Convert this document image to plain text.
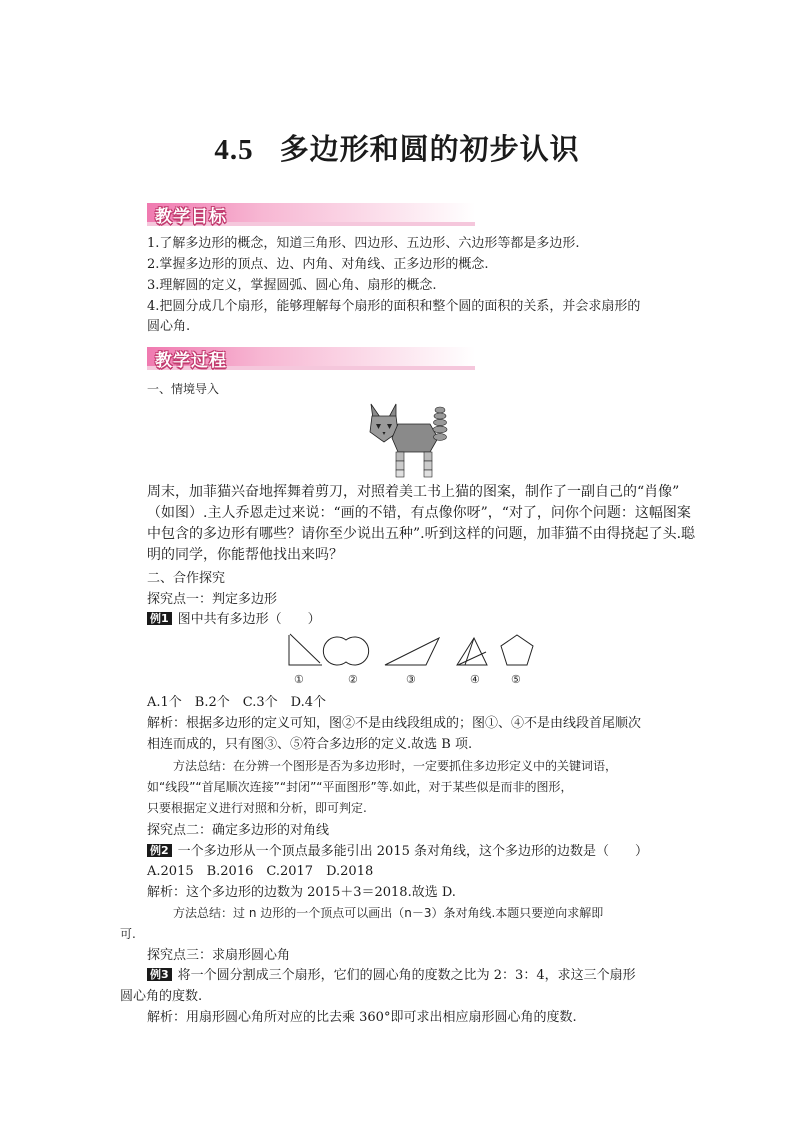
4.5 多边形和圆的初步认识
教学目标
1.了解多边形的概念，知道三角形、四边形、五边形、六边形等都是多边形.
2.掌握多边形的顶点、边、内角、对角线、正多边形的概念.
3.理解圆的定义，掌握圆弧、圆心角、扇形的概念.
4.把圆分成几个扇形，能够理解每个扇形的面积和整个圆的面积的关系，并会求扇形的
圆心角.
教学过程
一、情境导入
周末，加菲猫兴奋地挥舞着剪刀，对照着美工书上猫的图案，制作了一副自己的“肖像”
（如图）.主人乔恩走过来说：“画的不错，有点像你呀”，“对了，问你个问题：这幅图案
中包含的多边形有哪些？请你至少说出五种”.听到这样的问题，加菲猫不由得挠起了头.聪
明的同学，你能帮他找出来吗？
二、合作探究
探究点一：判定多边形
例1 图中共有多边形（　　）
①	②	③	④	⑤
A.1个　B.2个　C.3个　D.4个
解析：根据多边形的定义可知，图②不是由线段组成的；图①、④不是由线段首尾顺次
相连而成的，只有图③、⑤符合多边形的定义.故选 B 项.
方法总结：在分辨一个图形是否为多边形时，一定要抓住多边形定义中的关键词语，
如“线段”“首尾顺次连接”“封闭”“平面图形”等.如此，对于某些似是而非的图形，
只要根据定义进行对照和分析，即可判定.
探究点二：确定多边形的对角线
例2 一个多边形从一个顶点最多能引出 2015 条对角线，这个多边形的边数是（　　）
A.2015　B.2016　C.2017　D.2018
解析：这个多边形的边数为 2015＋3＝2018.故选 D.
方法总结：过 n 边形的一个顶点可以画出（n－3）条对角线.本题只要逆向求解即
可.
探究点三：求扇形圆心角
例3 将一个圆分割成三个扇形，它们的圆心角的度数之比为 2：3：4，求这三个扇形
圆心角的度数.
解析：用扇形圆心角所对应的比去乘 360°即可求出相应扇形圆心角的度数.
